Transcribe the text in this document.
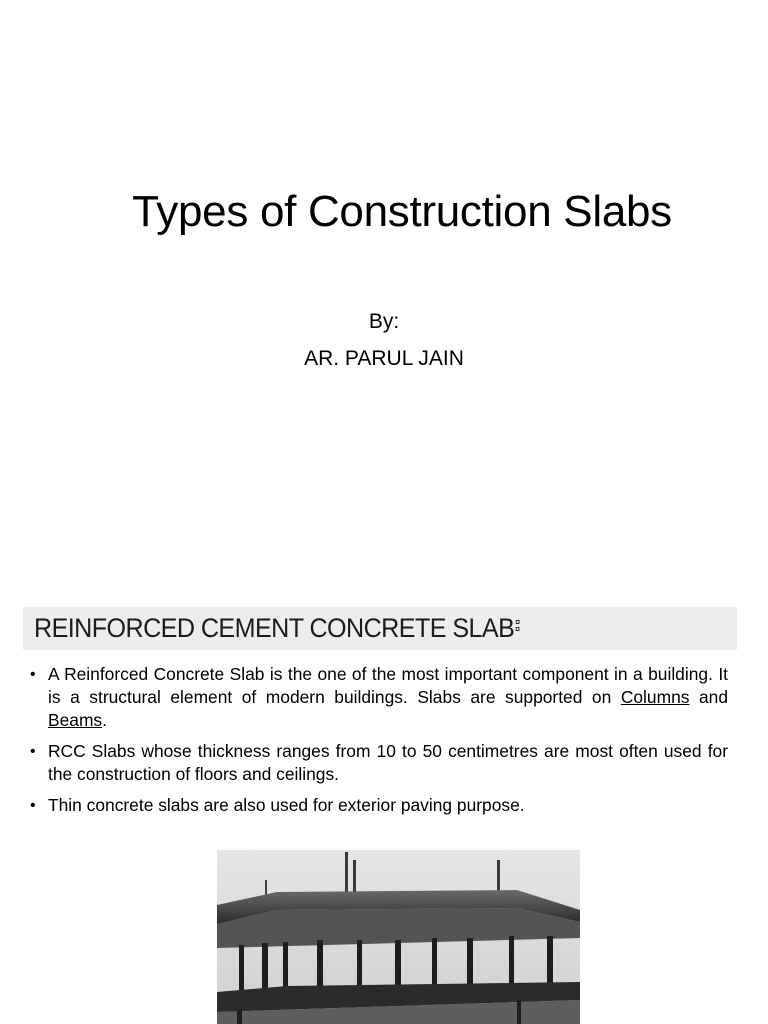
Types of Construction Slabs
By:
AR. PARUL JAIN
REINFORCED CEMENT CONCRETE SLAB
• A Reinforced Concrete Slab is the one of the most important component in a building. It is a structural element of modern buildings. Slabs are supported on Columns and Beams.
• RCC Slabs whose thickness ranges from 10 to 50 centimetres are most often used for the construction of floors and ceilings.
• Thin concrete slabs are also used for exterior paving purpose.
